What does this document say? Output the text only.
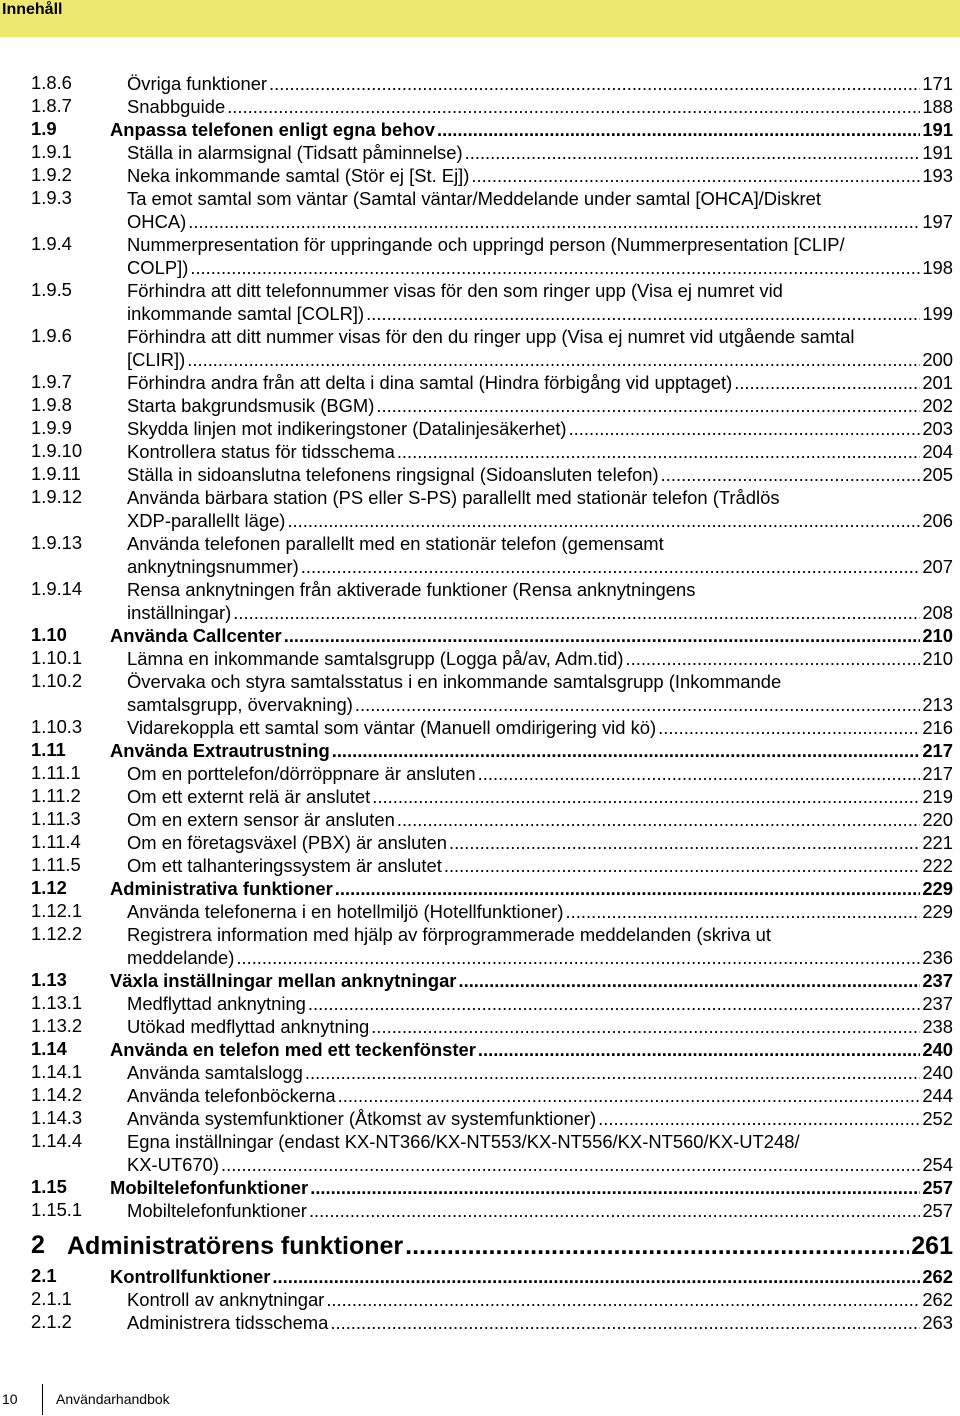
Innehåll
1.8.6	Övriga funktioner .....	171
1.8.7	Snabbguide .....	188
1.9	Anpassa telefonen enligt egna behov .....	191
1.9.1	Ställa in alarmsignal (Tidsatt påminnelse) .....	191
1.9.2	Neka inkommande samtal (Stör ej [St. Ej]) .....	193
1.9.3	Ta emot samtal som väntar (Samtal väntar/Meddelande under samtal [OHCA]/Diskret
OHCA) .....	197
1.9.4	Nummerpresentation för uppringande och uppringd person (Nummerpresentation [CLIP/
COLP]) .....	198
1.9.5	Förhindra att ditt telefonnummer visas för den som ringer upp (Visa ej numret vid
inkommande samtal [COLR]) .....	199
1.9.6	Förhindra att ditt nummer visas för den du ringer upp (Visa ej numret vid utgående samtal
[CLIR]) .....	200
1.9.7	Förhindra andra från att delta i dina samtal (Hindra förbigång vid upptaget) .....	201
1.9.8	Starta bakgrundsmusik (BGM) .....	202
1.9.9	Skydda linjen mot indikeringstoner (Datalinjesäkerhet) .....	203
1.9.10 Kontrollera status för tidsschema .....	204
1.9.11	Ställa in sidoanslutna telefonens ringsignal (Sidoansluten telefon) .....	205
1.9.12 Använda bärbara station (PS eller S-PS) parallellt med stationär telefon (Trådlös
XDP-parallellt läge) .....	206
1.9.13 Använda telefonen parallellt med en stationär telefon (gemensamt
anknytningsnummer) .....	207
1.9.14 Rensa anknytningen från aktiverade funktioner (Rensa anknytningens
inställningar) .....	208
1.10 Använda Callcenter .....	210
1.10.1 Lämna en inkommande samtalsgrupp (Logga på/av, Adm.tid) .....	210
1.10.2 Övervaka och styra samtalsstatus i en inkommande samtalsgrupp (Inkommande
samtalsgrupp, övervakning) .....	213
1.10.3 Vidarekoppla ett samtal som väntar (Manuell omdirigering vid kö) .....	216
1.11 Använda Extrautrustning .....	217
1.11.1	Om en porttelefon/dörröppnare är ansluten .....	217
1.11.2	Om ett externt relä är anslutet .....	219
1.11.3	Om en extern sensor är ansluten .....	220
1.11.4	Om en företagsväxel (PBX) är ansluten .....	221
1.11.5	Om ett talhanteringssystem är anslutet .....	222
1.12 Administrativa funktioner .....	229
1.12.1 Använda telefonerna i en hotellmiljö (Hotellfunktioner) .....	229
1.12.2 Registrera information med hjälp av förprogrammerade meddelanden (skriva ut
meddelande) .....	236
1.13 Växla inställningar mellan anknytningar .....	237
1.13.1 Medflyttad anknytning .....	237
1.13.2 Utökad medflyttad anknytning .....	238
1.14 Använda en telefon med ett teckenfönster .....	240
1.14.1 Använda samtalslogg .....	240
1.14.2 Använda telefonböckerna .....	244
1.14.3 Använda systemfunktioner (Åtkomst av systemfunktioner) .....	252
1.14.4 Egna inställningar (endast KX-NT366/KX-NT553/KX-NT556/KX-NT560/KX-UT248/
KX-UT670) .....	254
1.15 Mobiltelefonfunktioner .....	257
1.15.1 Mobiltelefonfunktioner .....	257
2 Administratörens funktioner .....	261
2.1	Kontrollfunktioner .....	262
2.1.1	Kontroll av anknytningar .....	262
2.1.2	Administrera tidsschema .....	263
10	Användarhandbok
